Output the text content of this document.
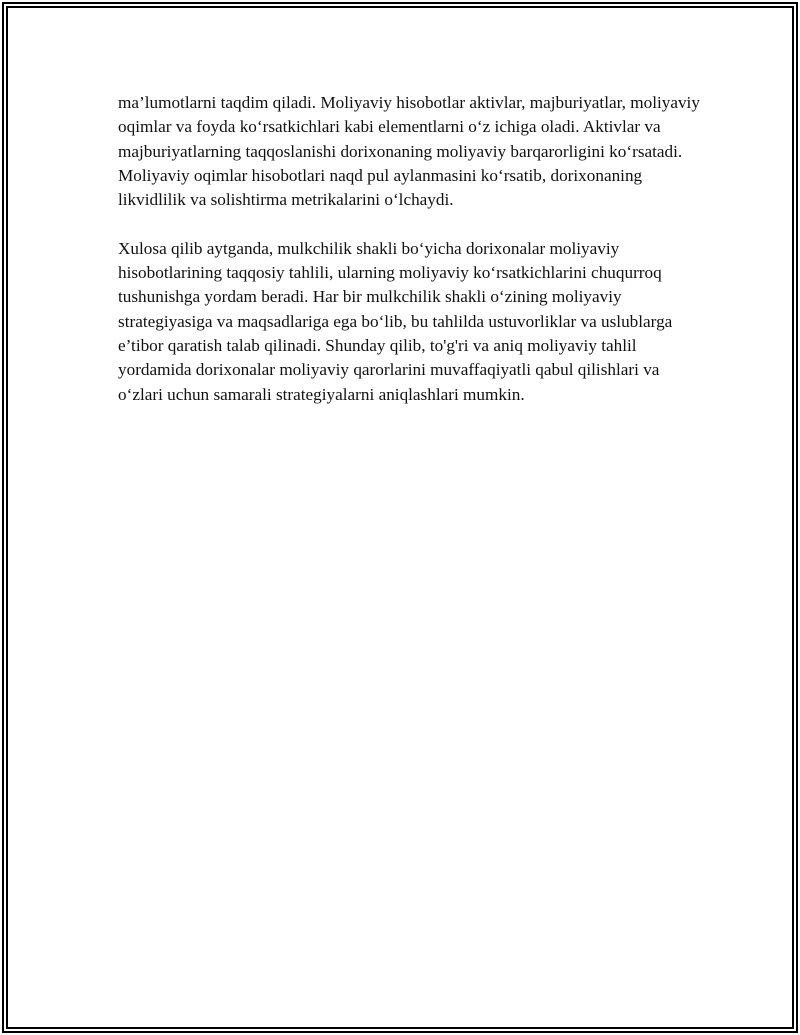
ma’lumotlarni taqdim qiladi. Moliyaviy hisobotlar aktivlar, majburiyatlar, moliyaviy oqimlar va foyda ko‘rsatkichlari kabi elementlarni o‘z ichiga oladi. Aktivlar va majburiyatlarning taqqoslanishi dorixonaning moliyaviy barqarorligini ko‘rsatadi. Moliyaviy oqimlar hisobotlari naqd pul aylanmasini ko‘rsatib, dorixonaning likvidlilik va solishtirma metrikalarini o‘lchaydi.

Xulosa qilib aytganda, mulkchilik shakli bo‘yicha dorixonalar moliyaviy hisobotlarining taqqosiy tahlili, ularning moliyaviy ko‘rsatkichlarini chuqurroq tushunishga yordam beradi. Har bir mulkchilik shakli o‘zining moliyaviy strategiyasiga va maqsadlariga ega bo‘lib, bu tahlilda ustuvorliklar va uslublarga e’tibor qaratish talab qilinadi. Shunday qilib, to'g'ri va aniq moliyaviy tahlil yordamida dorixonalar moliyaviy qarorlarini muvaffaqiyatli qabul qilishlari va o‘zlari uchun samarali strategiyalarni aniqlashlari mumkin.
